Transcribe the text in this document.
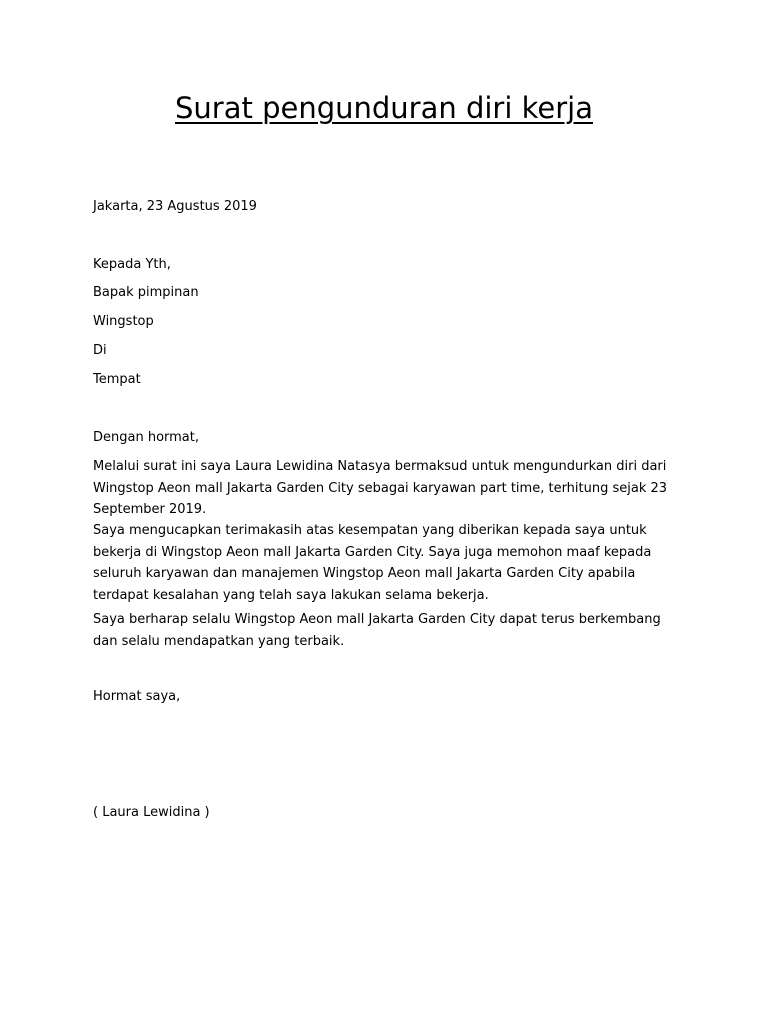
Surat pengunduran diri kerja
Jakarta, 23 Agustus 2019
Kepada Yth,
Bapak pimpinan
Wingstop
Di
Tempat
Dengan hormat,
Melalui surat ini saya Laura Lewidina Natasya bermaksud untuk mengundurkan diri dari
Wingstop Aeon mall Jakarta Garden City sebagai karyawan part time, terhitung sejak 23
September 2019.
Saya mengucapkan terimakasih atas kesempatan yang diberikan kepada saya untuk
bekerja di Wingstop Aeon mall Jakarta Garden City. Saya juga memohon maaf kepada
seluruh karyawan dan manajemen Wingstop Aeon mall Jakarta Garden City apabila
terdapat kesalahan yang telah saya lakukan selama bekerja.
Saya berharap selalu Wingstop Aeon mall Jakarta Garden City dapat terus berkembang
dan selalu mendapatkan yang terbaik.
Hormat saya,
( Laura Lewidina )
